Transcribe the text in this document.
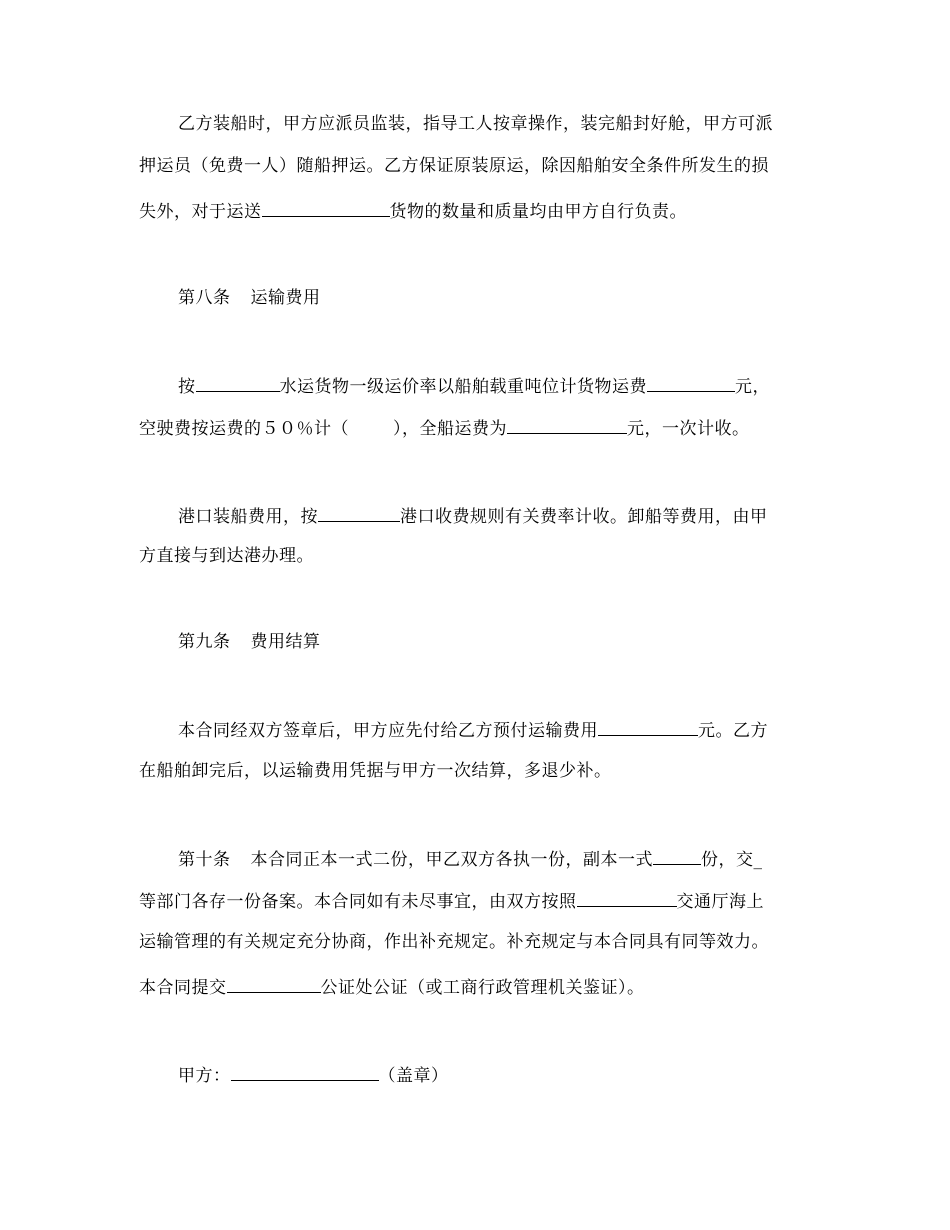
乙方装船时，甲方应派员监装，指导工人按章操作，装完船封好舱，甲方可派
押运员（免费一人）随船押运。乙方保证原装原运，除因船舶安全条件所发生的损
失外，对于运送	货物的数量和质量均由甲方自行负责。
第八条 运输费用
按	水运货物一级运价率以船舶载重吨位计货物运费	元，
空驶费按运费的５０％计（	），全船运费为	元，一次计收。
港口装船费用，按	港口收费规则有关费率计收。卸船等费用，由甲
方直接与到达港办理。
第九条 费用结算
本合同经双方签章后，甲方应先付给乙方预付运输费用	元。乙方
在船舶卸完后，以运输费用凭据与甲方一次结算，多退少补。
第十条 本合同正本一式二份，甲乙双方各执一份，副本一式	份，交_
等部门各存一份备案。本合同如有未尽事宜，由双方按照	交通厅海上
运输管理的有关规定充分协商，作出补充规定。补充规定与本合同具有同等效力。
本合同提交	公证处公证（或工商行政管理机关鉴证）。
甲方：	（盖章）
